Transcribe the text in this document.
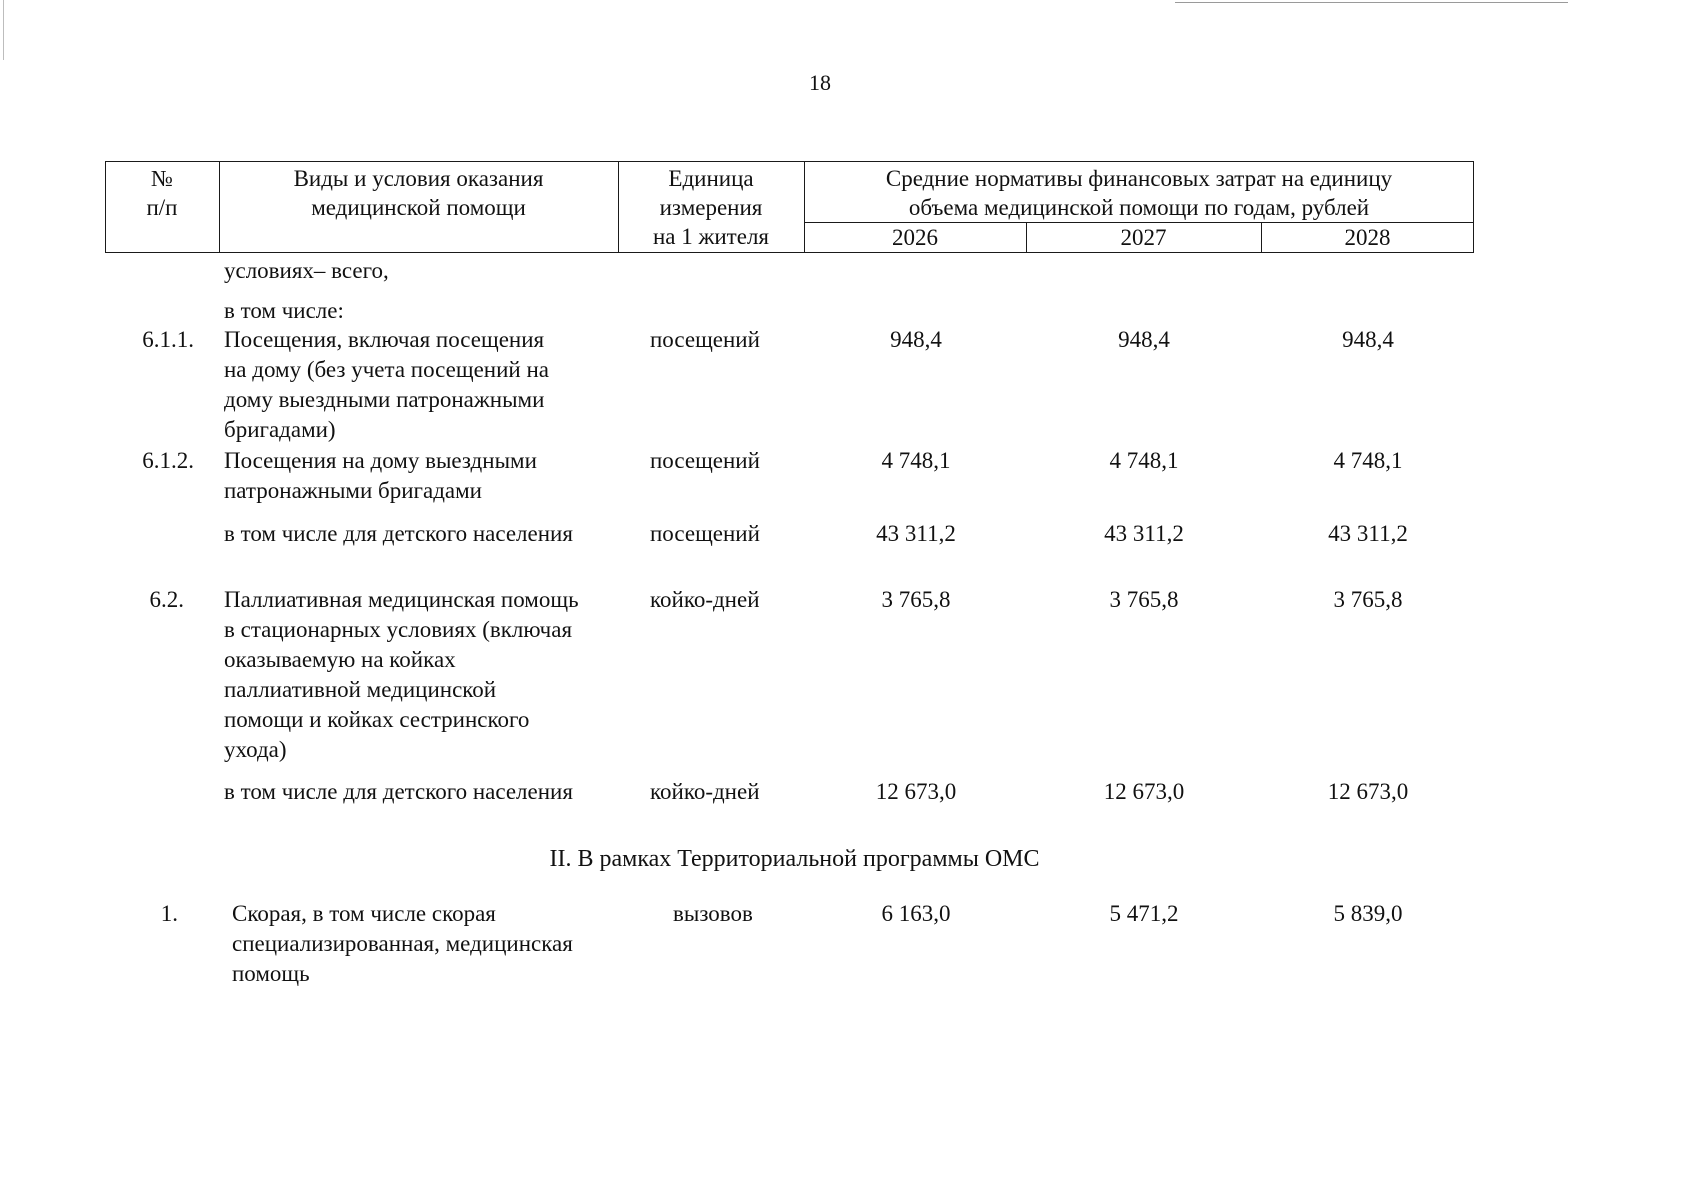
18
№
п/п
Виды и условия оказания
медицинской помощи
Единица
измерения
на 1 жителя
Средние нормативы финансовых затрат на единицу
объема медицинской помощи по годам, рублей
2026	2027	2028
условиях– всего,
в том числе:
6.1.1. Посещения, включая посещения
на дому (без учета посещений на
дому выездными патронажными
бригадами)
посещений	948,4	948,4	948,4
6.1.2. Посещения на дому выездными
патронажными бригадами
посещений	4 748,1	4 748,1	4 748,1
в том числе для детского населения	посещений	43 311,2	43 311,2	43 311,2
6.2. Паллиативная медицинская помощь
в стационарных условиях (включая
оказываемую на койках
паллиативной медицинской
помощи и койках сестринского
ухода)
койко-дней	3 765,8	3 765,8	3 765,8
в том числе для детского населения	койко-дней	12 673,0	12 673,0	12 673,0
II. В рамках Территориальной программы ОМС
1. Скорая, в том числе скорая
специализированная, медицинская
помощь
вызовов	6 163,0	5 471,2	5 839,0
